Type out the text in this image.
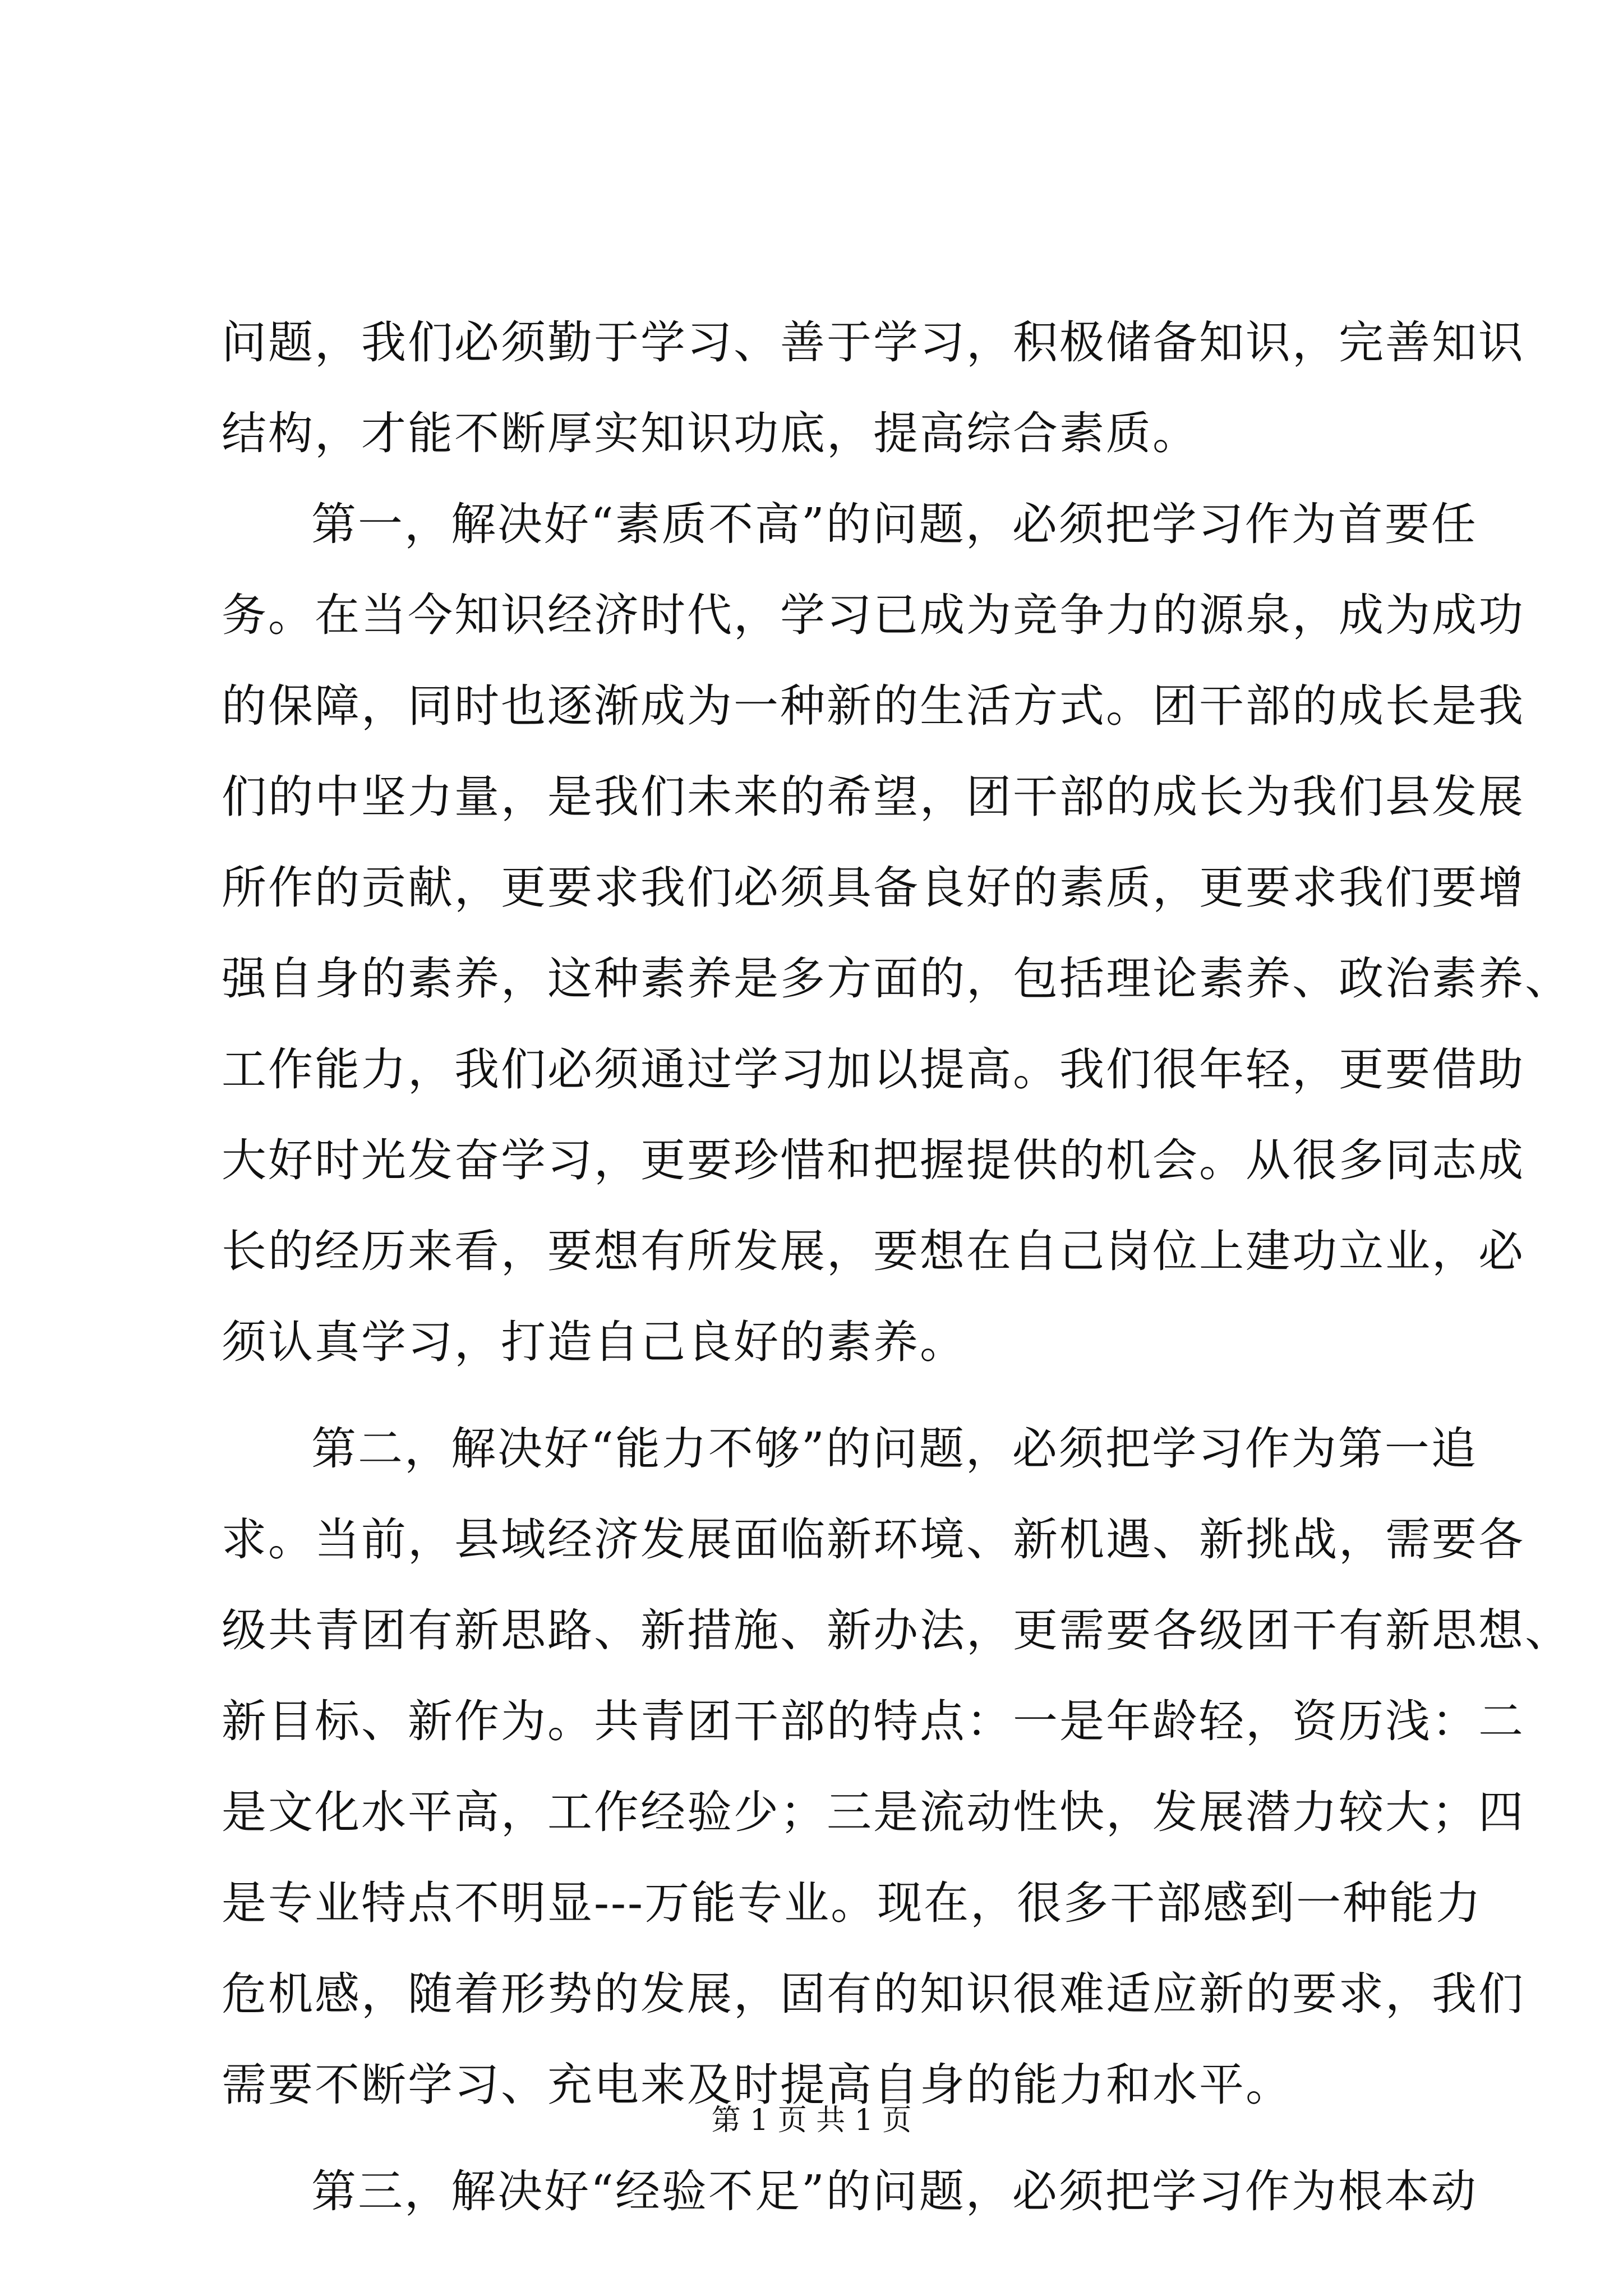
问题，我们必须勤于学习、善于学习，积极储备知识，完善知识
结构，才能不断厚实知识功底，提高综合素质。
第一，解决好“素质不高”的问题，必须把学习作为首要任
务。在当今知识经济时代，学习已成为竞争力的源泉，成为成功
的保障，同时也逐渐成为一种新的生活方式。团干部的成长是我
们的中坚力量，是我们未来的希望，团干部的成长为我们县发展
所作的贡献，更要求我们必须具备良好的素质，更要求我们要增
强自身的素养，这种素养是多方面的，包括理论素养、政治素养、
工作能力，我们必须通过学习加以提高。我们很年轻，更要借助
大好时光发奋学习，更要珍惜和把握提供的机会。从很多同志成
长的经历来看，要想有所发展，要想在自己岗位上建功立业，必
须认真学习，打造自己良好的素养。
第二，解决好“能力不够”的问题，必须把学习作为第一追
求。当前，县域经济发展面临新环境、新机遇、新挑战，需要各
级共青团有新思路、新措施、新办法，更需要各级团干有新思想、
新目标、新作为。共青团干部的特点：一是年龄轻，资历浅：二
是文化水平高，工作经验少；三是流动性快，发展潜力较大；四
是专业特点不明显---万能专业。现在，很多干部感到一种能力
危机感，随着形势的发展，固有的知识很难适应新的要求，我们
需要不断学习、充电来及时提高自身的能力和水平。
第三，解决好“经验不足”的问题，必须把学习作为根本动
第 1 页 共 1 页
